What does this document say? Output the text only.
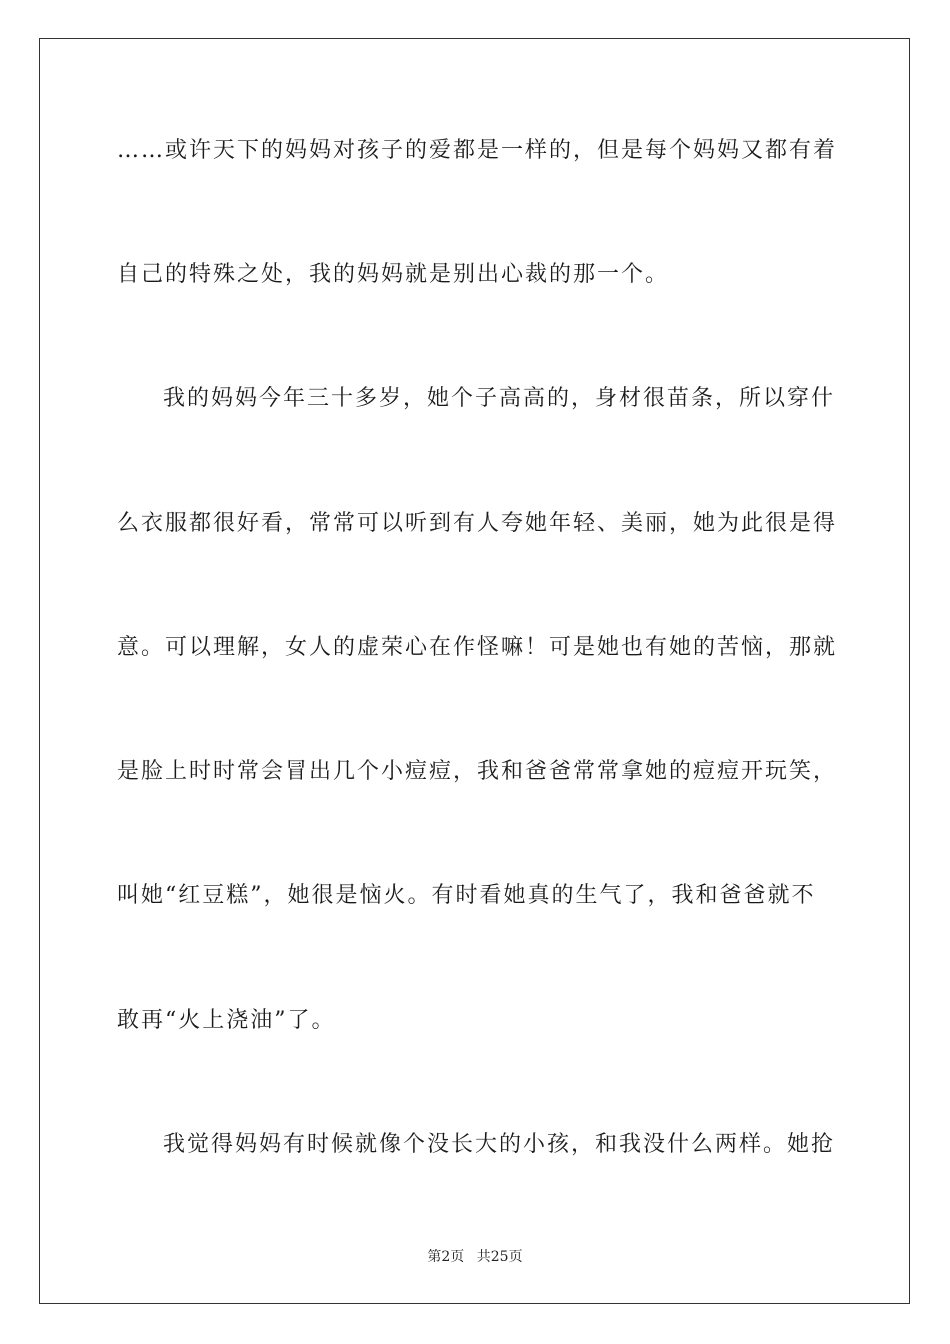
……或许天下的妈妈对孩子的爱都是一样的，但是每个妈妈又都有着
自己的特殊之处，我的妈妈就是别出心裁的那一个。
我的妈妈今年三十多岁，她个子高高的，身材很苗条，所以穿什
么衣服都很好看，常常可以听到有人夸她年轻、美丽，她为此很是得
意。可以理解，女人的虚荣心在作怪嘛！可是她也有她的苦恼，那就
是脸上时时常会冒出几个小痘痘，我和爸爸常常拿她的痘痘开玩笑，
叫她“红豆糕”，她很是恼火。有时看她真的生气了，我和爸爸就不
敢再“火上浇油”了。
我觉得妈妈有时候就像个没长大的小孩，和我没什么两样。她抢
第2页 共25页
